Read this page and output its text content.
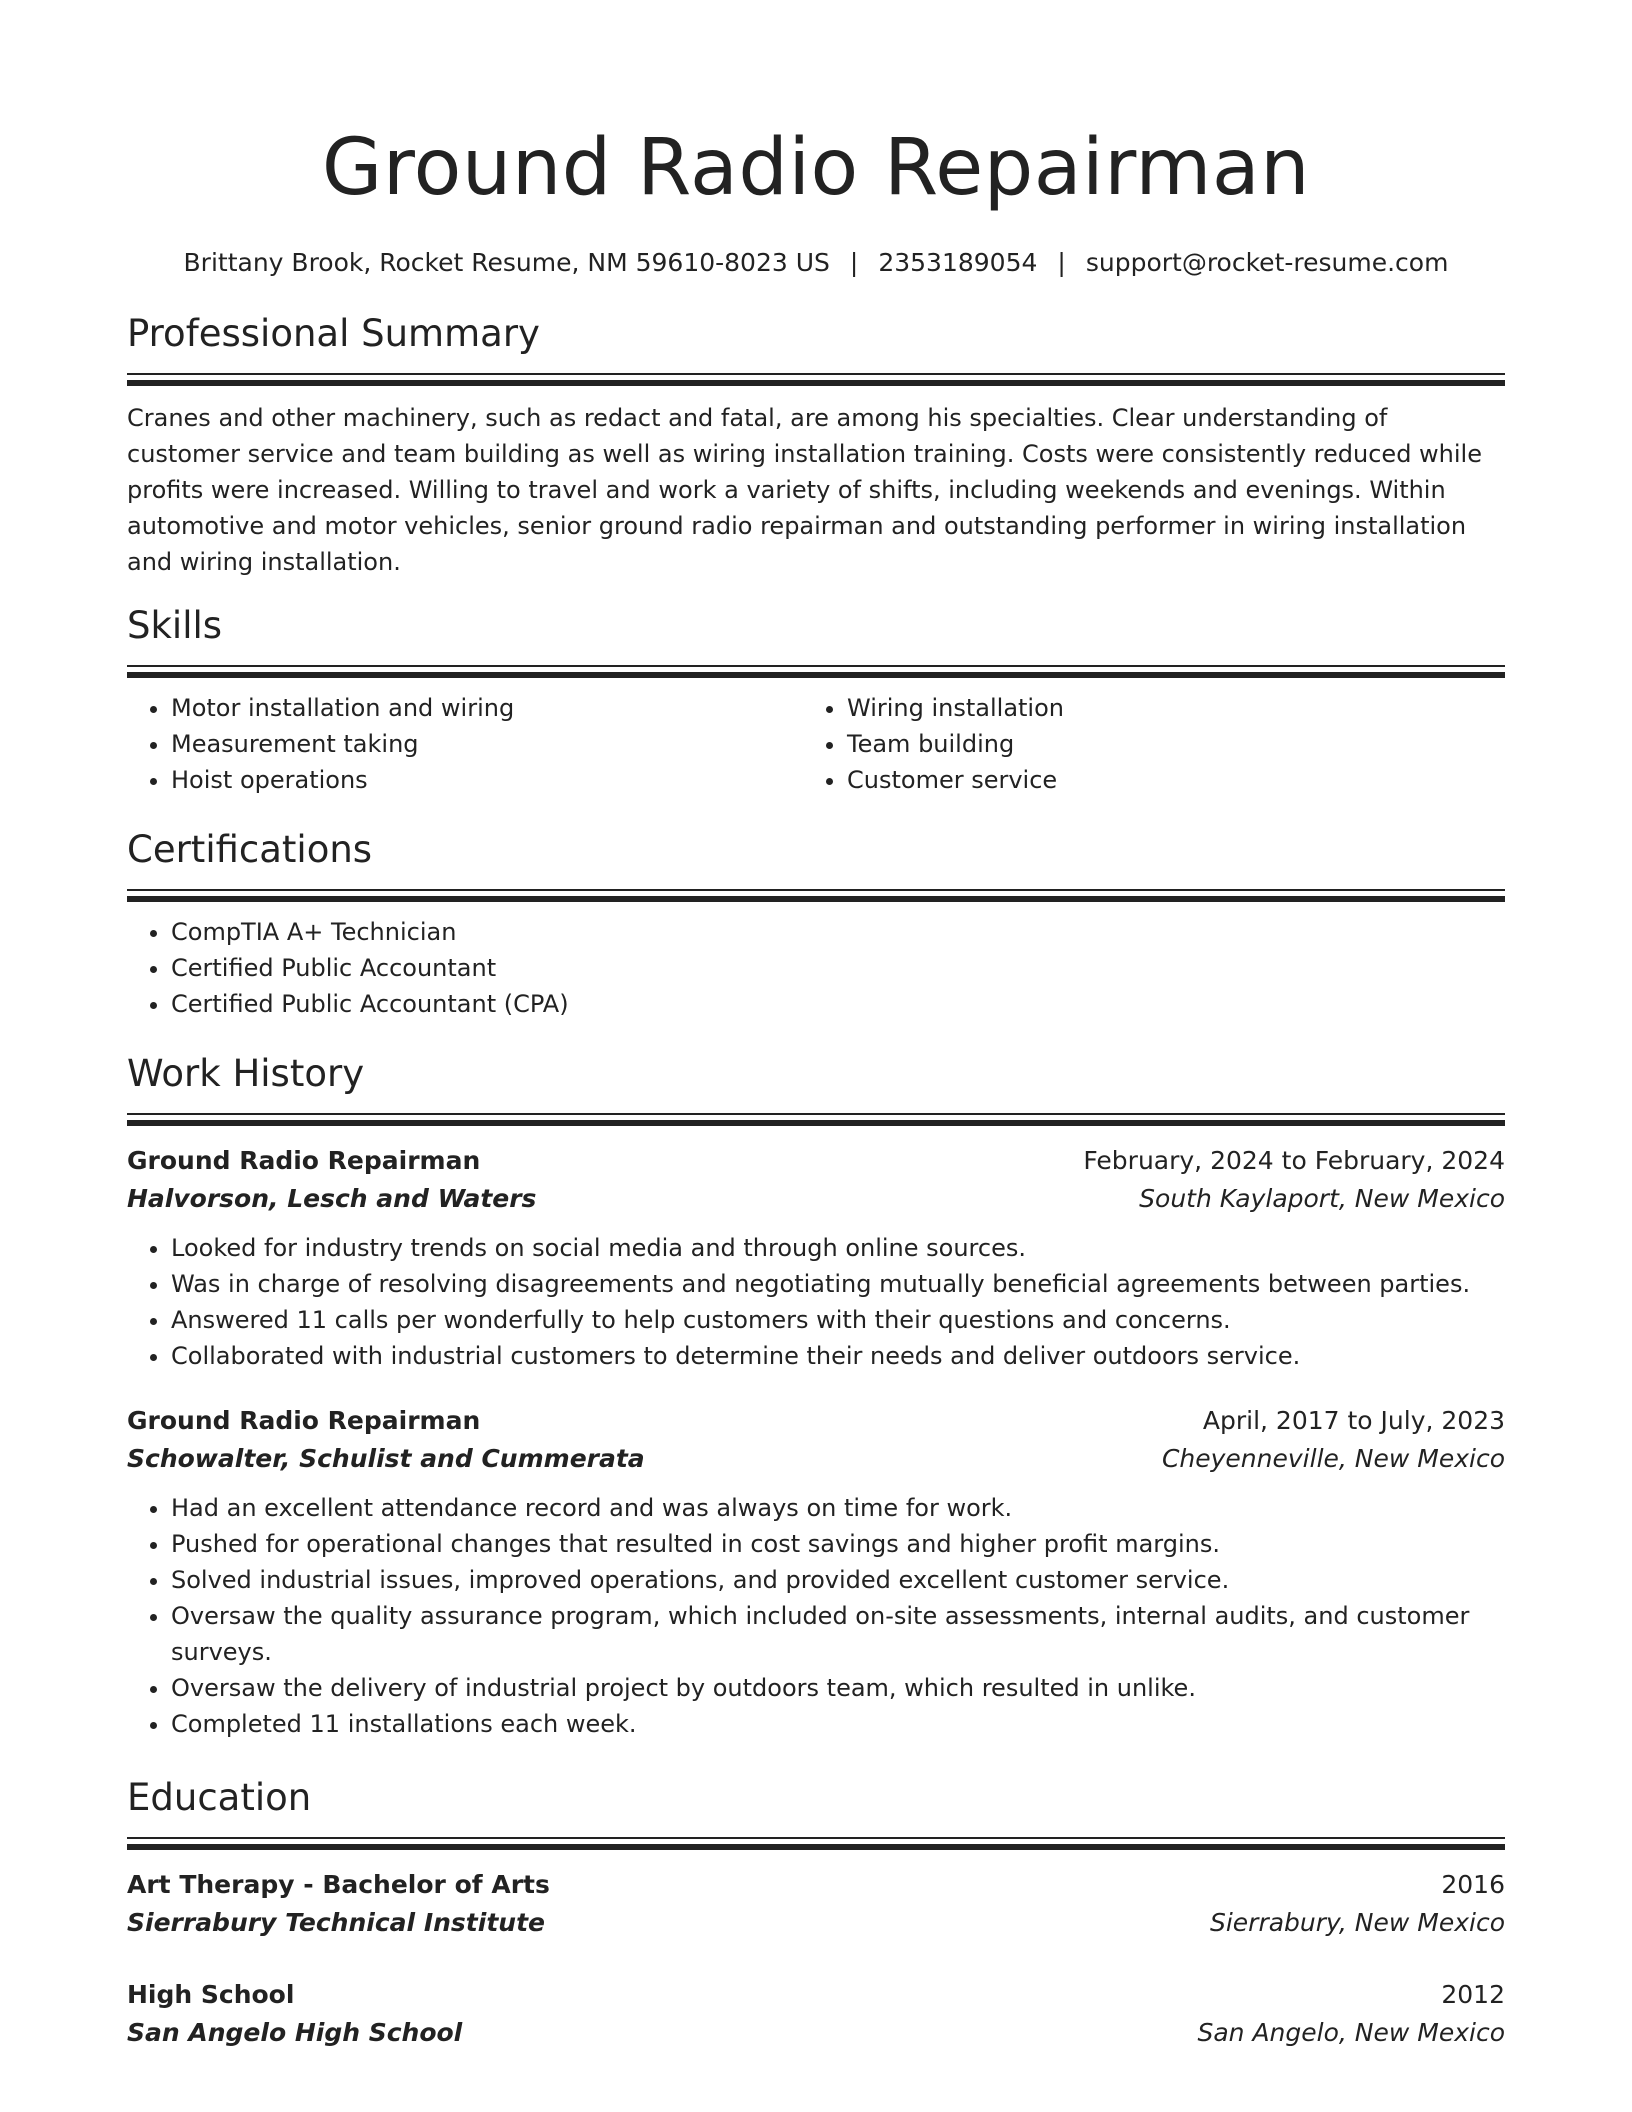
Ground Radio Repairman
Brittany Brook, Rocket Resume, NM 59610-8023 US | 2353189054 | support@rocket-resume.com
Professional Summary

Cranes and other machinery, such as redact and fatal, are among his specialties. Clear understanding of customer service and team building as well as wiring installation training. Costs were consistently reduced while profits were increased. Willing to travel and work a variety of shifts, including weekends and evenings. Within automotive and motor vehicles, senior ground radio repairman and outstanding performer in wiring installation and wiring installation.

Skills
• Motor installation and wiring
• Measurement taking
• Hoist operations
• Wiring installation
• Team building
• Customer service
Certifications
• CompTIA A+ Technician
• Certified Public Accountant
• Certified Public Accountant (CPA)
Work History
Ground Radio Repairman	February, 2024 to February, 2024
Halvorson, Lesch and Waters	South Kaylaport, New Mexico
• Looked for industry trends on social media and through online sources.
• Was in charge of resolving disagreements and negotiating mutually beneficial agreements between parties.
• Answered 11 calls per wonderfully to help customers with their questions and concerns.
• Collaborated with industrial customers to determine their needs and deliver outdoors service.
Ground Radio Repairman	April, 2017 to July, 2023
Schowalter, Schulist and Cummerata	Cheyenneville, New Mexico
• Had an excellent attendance record and was always on time for work.
• Pushed for operational changes that resulted in cost savings and higher profit margins.
• Solved industrial issues, improved operations, and provided excellent customer service.
• Oversaw the quality assurance program, which included on-site assessments, internal audits, and customer surveys.
• Oversaw the delivery of industrial project by outdoors team, which resulted in unlike.
• Completed 11 installations each week.
Education
Art Therapy - Bachelor of Arts	2016
Sierrabury Technical Institute	Sierrabury, New Mexico
High School	2012
San Angelo High School	San Angelo, New Mexico
